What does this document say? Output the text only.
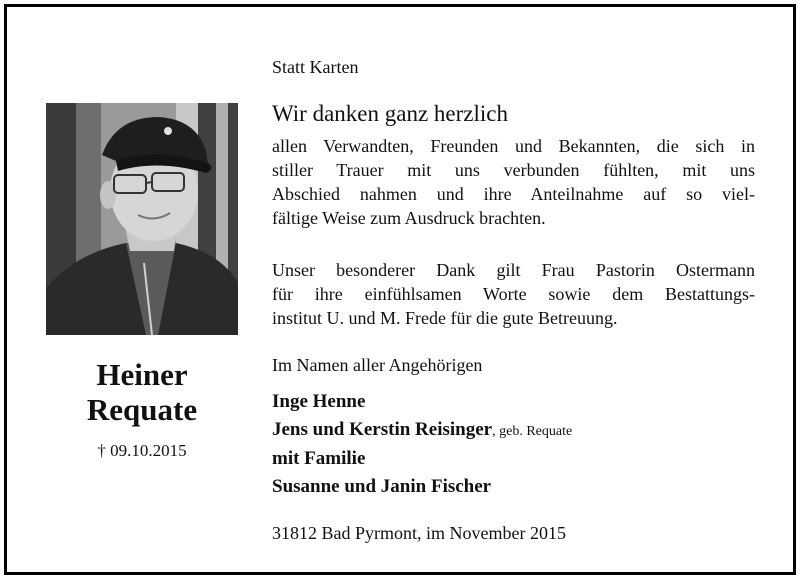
Heiner
Requate
† 09.10.2015
Statt Karten
Wir danken ganz herzlich
allen Verwandten, Freunden und Bekannten, die sich in
stiller Trauer mit uns verbunden fühlten, mit uns
Abschied nahmen und ihre Anteilnahme auf so viel-
fältige Weise zum Ausdruck brachten.
Unser besonderer Dank gilt Frau Pastorin Ostermann
für ihre einfühlsamen Worte sowie dem Bestattungs-
institut U. und M. Frede für die gute Betreuung.
Im Namen aller Angehörigen
Inge Henne
Jens und Kerstin Reisinger, geb. Requate
mit Familie
Susanne und Janin Fischer
31812 Bad Pyrmont, im November 2015
